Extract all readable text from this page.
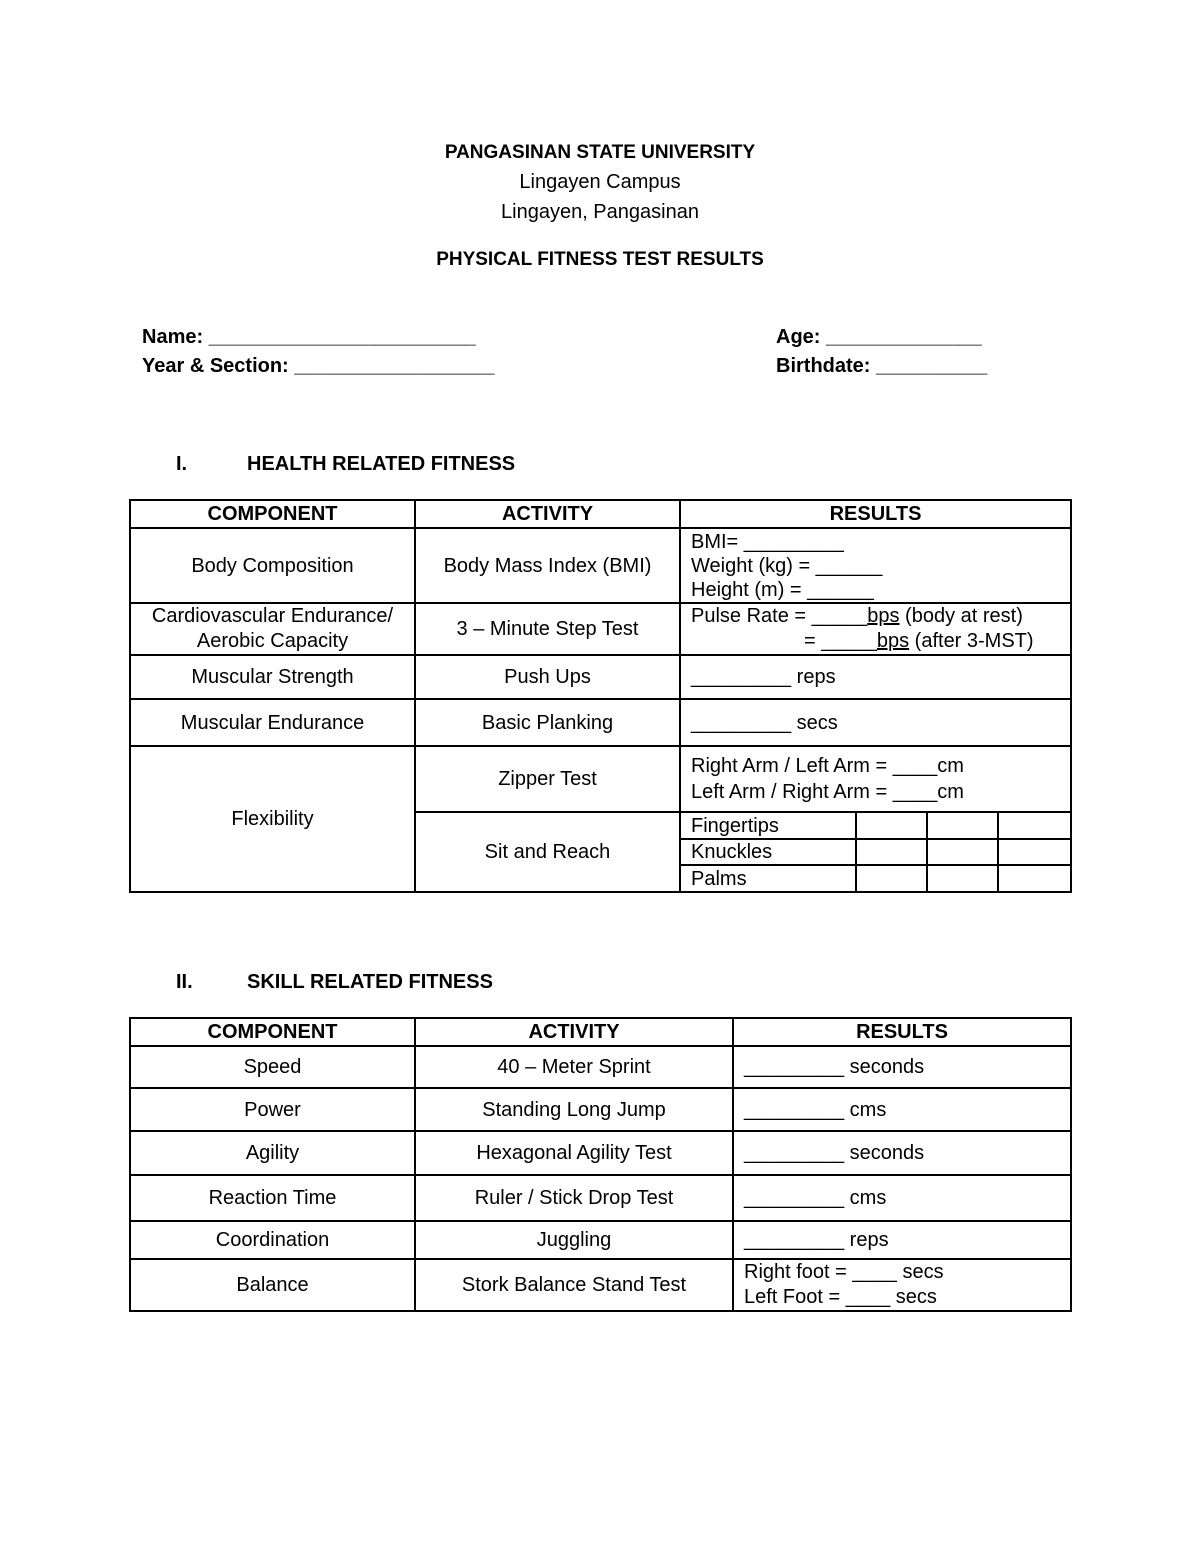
PANGASINAN STATE UNIVERSITY
Lingayen Campus
Lingayen, Pangasinan
PHYSICAL FITNESS TEST RESULTS
Name: ________________________
Year & Section: __________________
Age: ______________
Birthdate: __________
I.	HEALTH RELATED FITNESS
COMPONENT	ACTIVITY	RESULTS			
Body Composition	Body Mass Index (BMI)	BMI= _________
Weight (kg) = ______
Height (m) = ______			

Cardiovascular Endurance/
Aerobic Capacity	3 – Minute Step Test	Pulse Rate = _____bps (body at rest)
= _____bps (after 3-MST)			

Muscular Strength	Push Ups	_________ reps			
Muscular Endurance	Basic Planking	_________ secs			
Flexibility	Zipper Test	Right Arm / Left Arm = ____cm
Left Arm / Right Arm = ____cm			

	Sit and Reach	Fingertips			
		Knuckles			
		Palms			
II.	SKILL RELATED FITNESS
COMPONENT	ACTIVITY	RESULTS
Speed	40 – Meter Sprint	_________ seconds
Power	Standing Long Jump	_________ cms
Agility	Hexagonal Agility Test	_________ seconds
Reaction Time	Ruler / Stick Drop Test	_________ cms
Coordination	Juggling	_________ reps
Balance	Stork Balance Stand Test	Right foot = ____ secs
Left Foot = ____ secs
